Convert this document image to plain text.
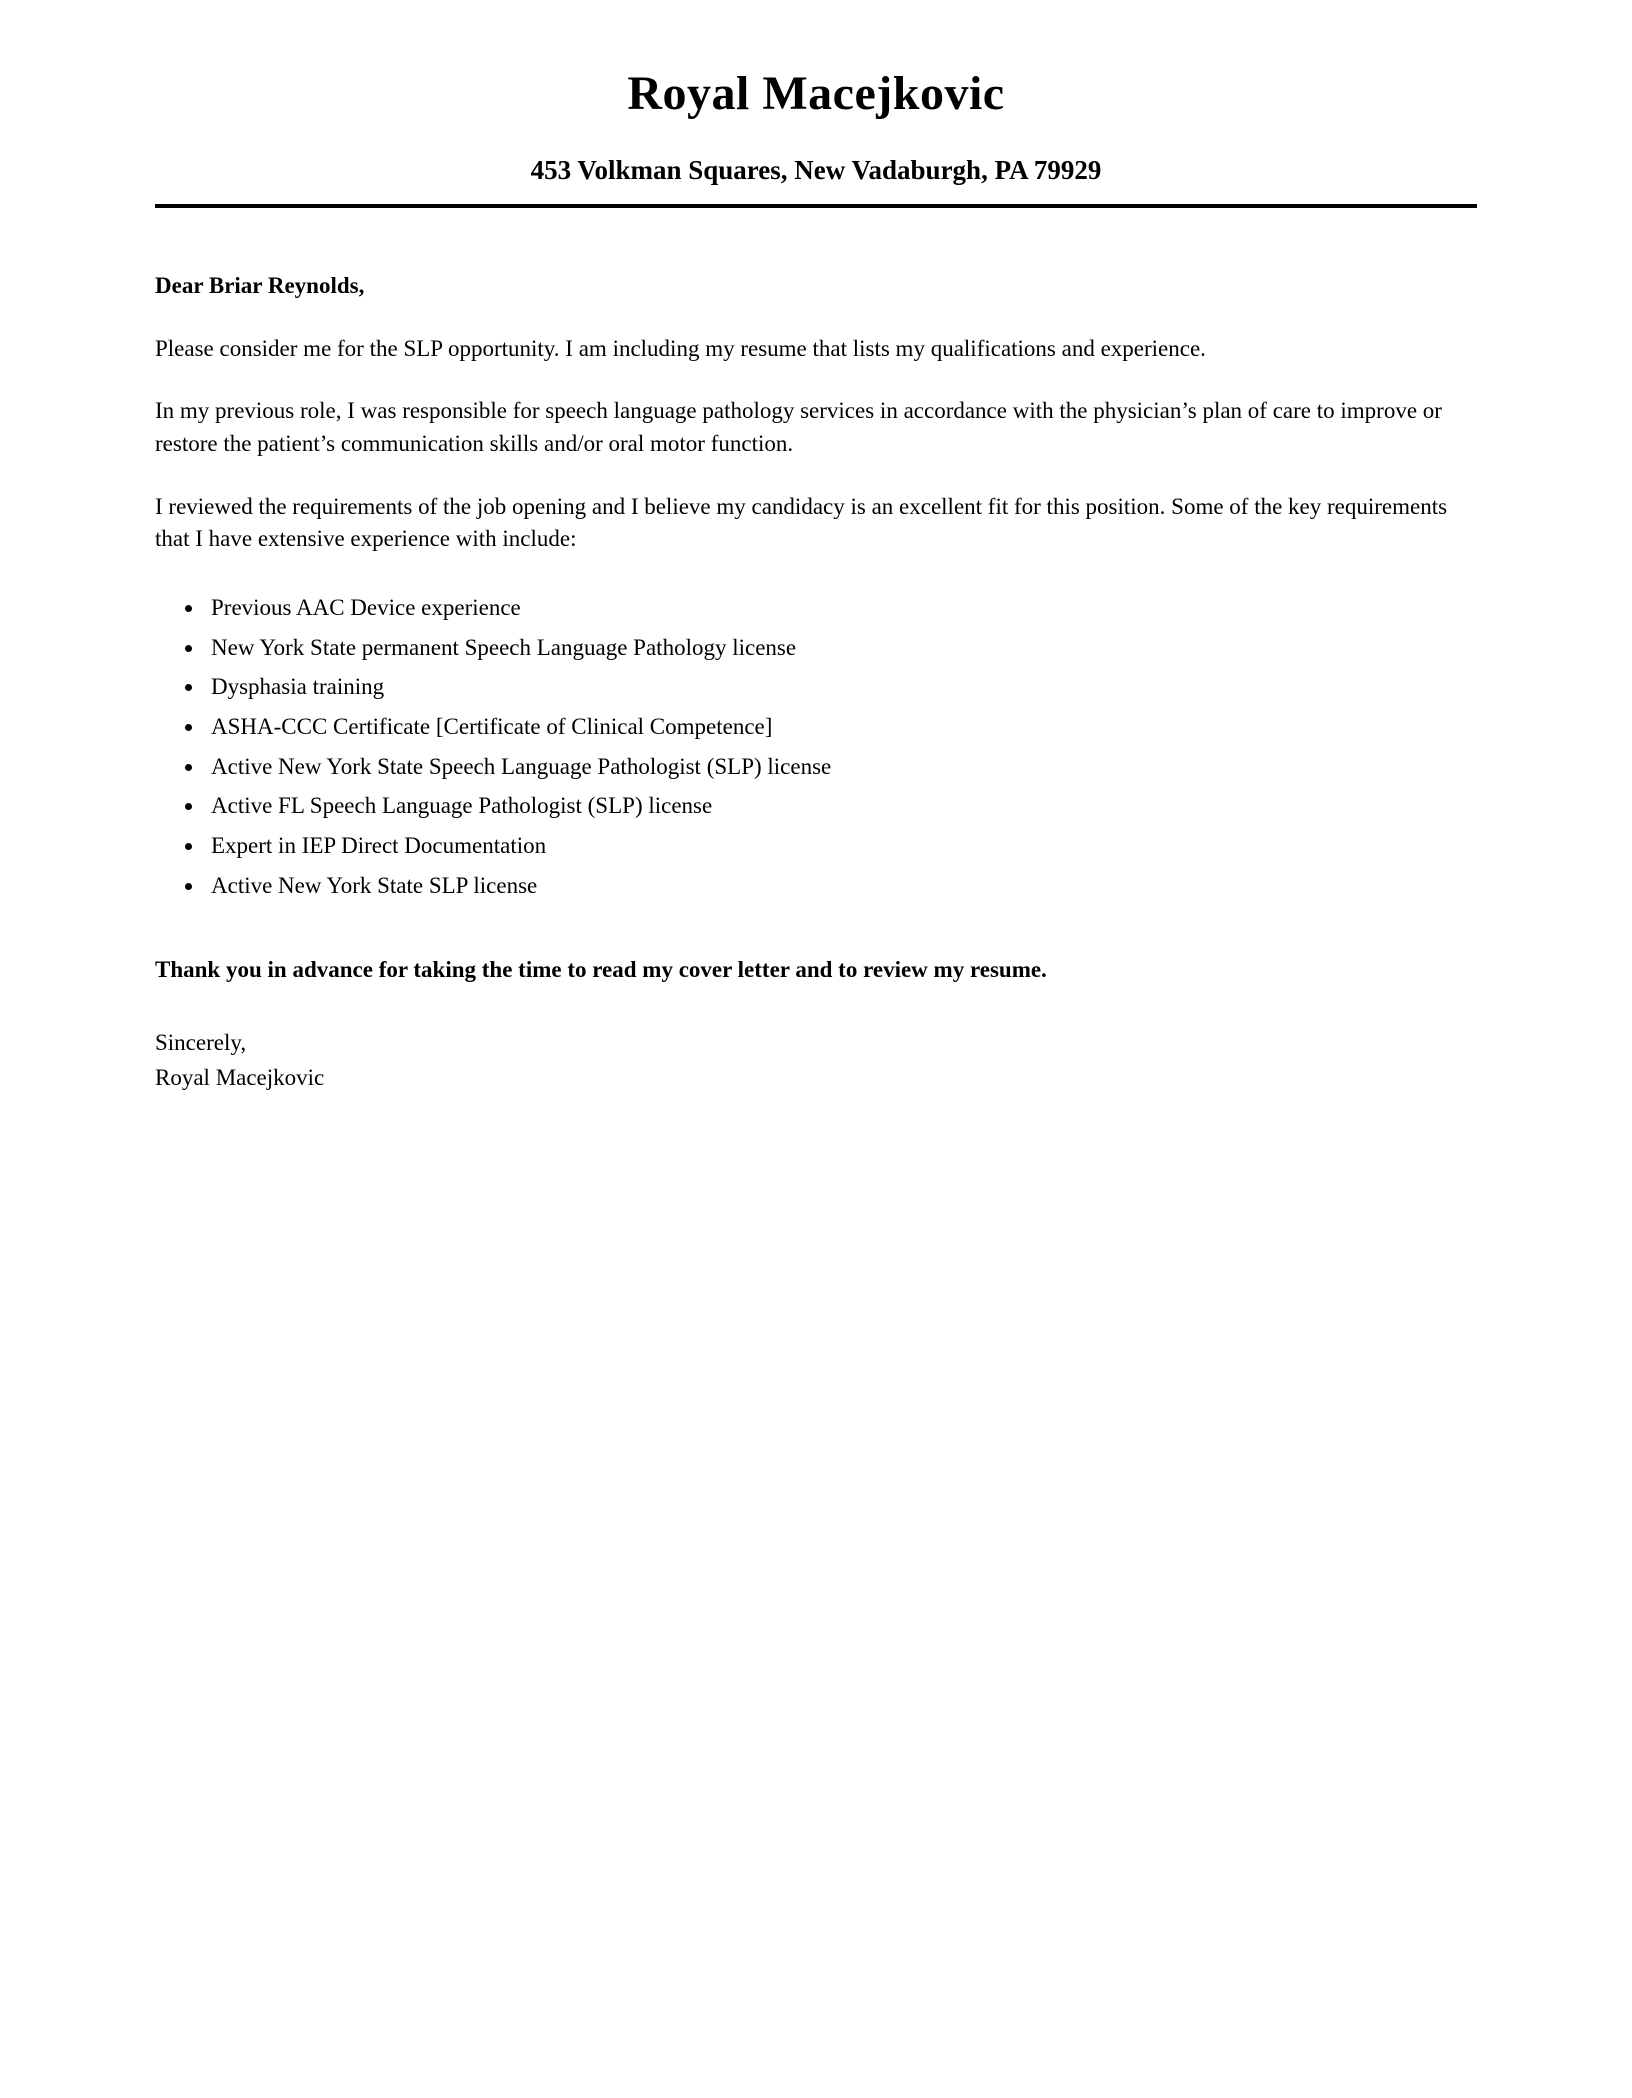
Royal Macejkovic
453 Volkman Squares, New Vadaburgh, PA 79929
Dear Briar Reynolds,

Please consider me for the SLP opportunity. I am including my resume that lists my qualifications and experience.

In my previous role, I was responsible for speech language pathology services in accordance with the physician’s plan of care to improve or restore the patient’s communication skills and/or oral motor function.

I reviewed the requirements of the job opening and I believe my candidacy is an excellent fit for this position. Some of the key requirements that I have extensive experience with include:

• Previous AAC Device experience
• New York State permanent Speech Language Pathology license
• Dysphasia training
• ASHA-CCC Certificate [Certificate of Clinical Competence]
• Active New York State Speech Language Pathologist (SLP) license
• Active FL Speech Language Pathologist (SLP) license
• Expert in IEP Direct Documentation
• Active New York State SLP license

Thank you in advance for taking the time to read my cover letter and to review my resume.

Sincerely,
Royal Macejkovic
